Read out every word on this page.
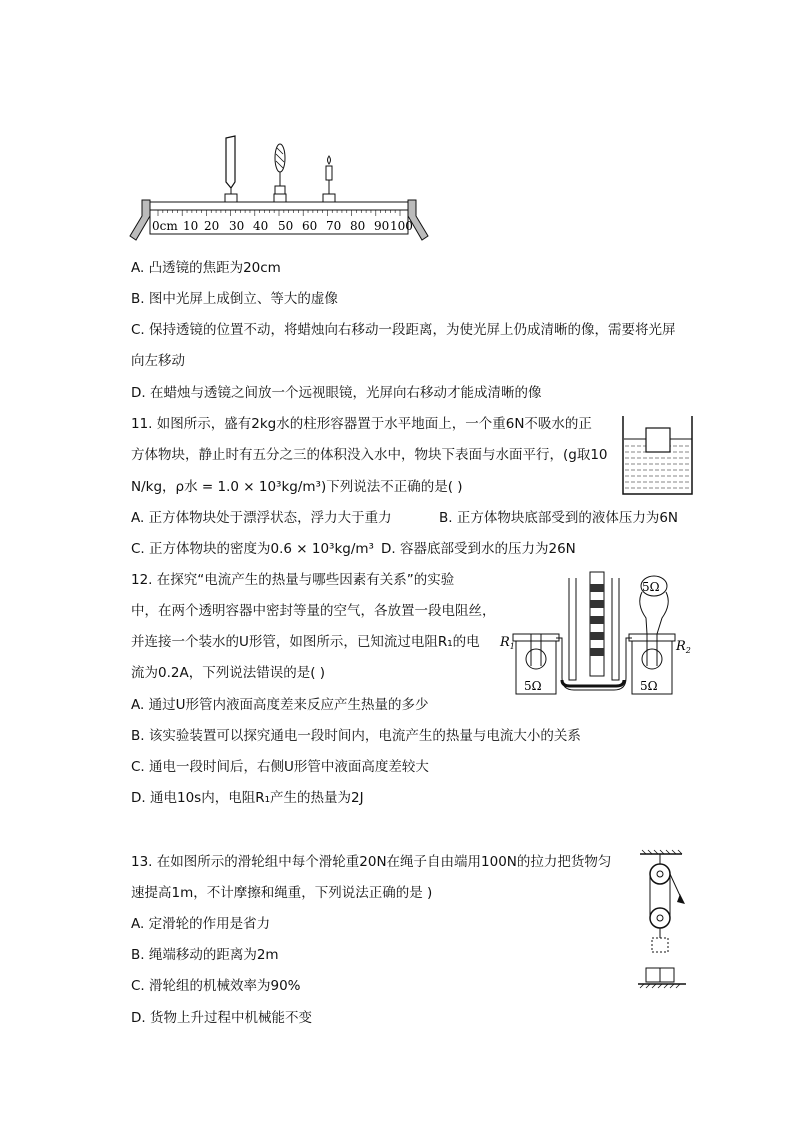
0cm 10 20 30 40 50 60 70 80 90 100
A. 凸透镜的焦距为20cm
B. 图中光屏上成倒立、等大的虚像
C. 保持透镜的位置不动，将蜡烛向右移动一段距离，为使光屏上仍成清晰的像，需要将光屏
向左移动
D. 在蜡烛与透镜之间放一个远视眼镜，光屏向右移动才能成清晰的像
11. 如图所示，盛有2kg水的柱形容器置于水平地面上，一个重6N不吸水的正
方体物块，静止时有五分之三的体积没入水中，物块下表面与水面平行，(g取10
N/kg，ρ水 = 1.0 × 10³kg/m³)下列说法不正确的是( )
A. 正方体物块处于漂浮状态，浮力大于重力	B. 正方体物块底部受到的液体压力为6N
C. 正方体物块的密度为0.6 × 10³kg/m³ D. 容器底部受到水的压力为26N
12. 在探究“电流产生的热量与哪些因素有关系”的实验
中，在两个透明容器中密封等量的空气，各放置一段电阻丝，
并连接一个装水的U形管，如图所示，已知流过电阻R₁的电
流为0.2A，下列说法错误的是( )
5Ω
$R_1$
5Ω
$R_2$
5Ω
A. 通过U形管内液面高度差来反应产生热量的多少
B. 该实验装置可以探究通电一段时间内，电流产生的热量与电流大小的关系
C. 通电一段时间后，右侧U形管中液面高度差较大
D. 通电10s内，电阻R₁产生的热量为2J
13. 在如图所示的滑轮组中每个滑轮重20N在绳子自由端用100N的拉力把货物匀
速提高1m，不计摩擦和绳重，下列说法正确的是 )
A. 定滑轮的作用是省力
B. 绳端移动的距离为2m
C. 滑轮组的机械效率为90%
D. 货物上升过程中机械能不变
